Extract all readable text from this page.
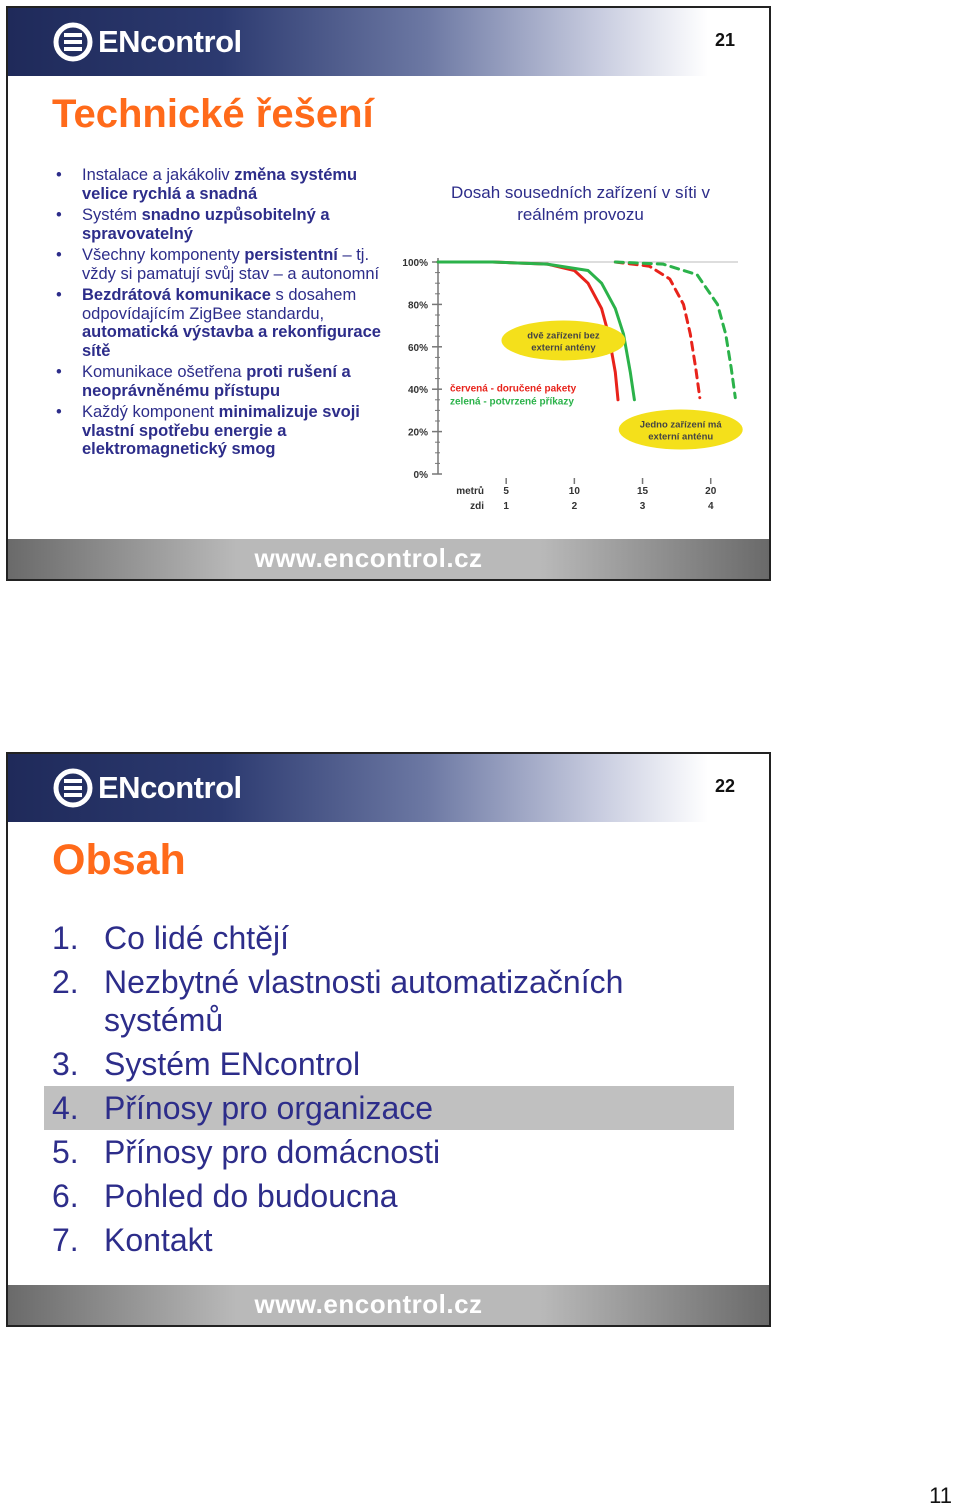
ENcontrol	21
Technické řešení
• Instalace a jakákoliv změna systému velice rychlá a snadná
• Systém snadno uzpůsobitelný a spravovatelný
• Všechny komponenty persistentní – tj. vždy si pamatují svůj stav – a autonomní
• Bezdrátová komunikace s dosahem odpovídajícím ZigBee standardu, automatická výstavba a rekonfigurace sítě
• Komunikace ošetřena proti rušení a neoprávněnému přístupu
• Každý komponent minimalizuje svoji vlastní spotřebu energie a elektromagnetický smog
Dosah sousedních zařízení v síti v reálném provozu
100%
80%
60%
40%
20%
0%
metrů 5	10	15	20
zdi 1	2	3	4
dvě zařízení bez externí antény
Jedno zařízení má externí anténu
červená - doručené pakety
zelená - potvrzené příkazy
www.encontrol.cz
ENcontrol	22
Obsah
1. Co lidé chtějí
2. Nezbytné vlastnosti automatizačních systémů
3. Systém ENcontrol
4. Přínosy pro organizace
5. Přínosy pro domácnosti
6. Pohled do budoucna
7. Kontakt
www.encontrol.cz
11
